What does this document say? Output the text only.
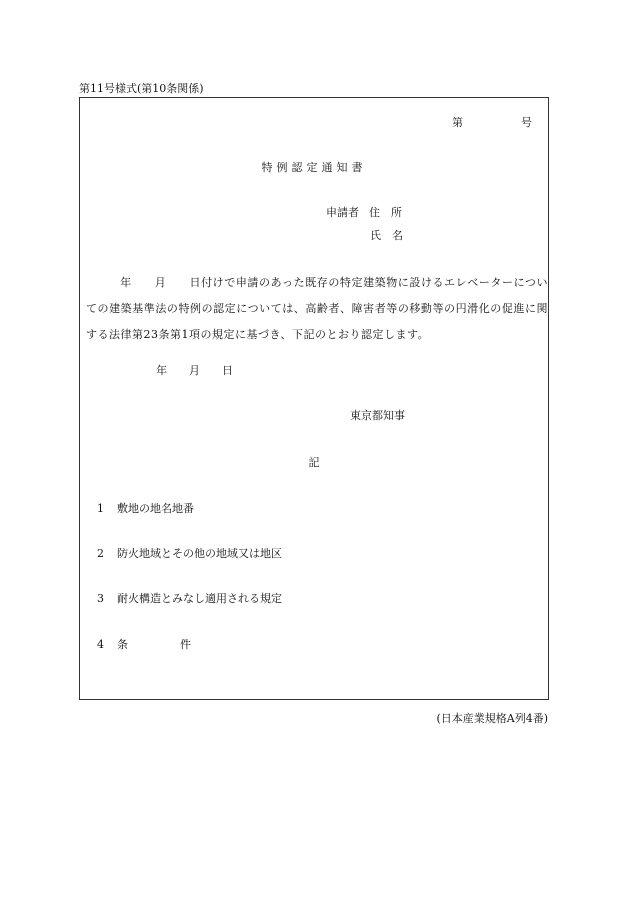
第11号様式(第10条関係)
第	号
特例認定通知書
申請者 住　所
氏　名
年　　月　　日付けで申請のあった既存の特定建築物に設けるエレベーターについての建築基準法の特例の認定については、高齢者、障害者等の移動等の円滑化の促進に関する法律第23条第1項の規定に基づき、下記のとおり認定します。
年 月 日
東京都知事
記
1 敷地の地名地番
2 防火地域とその他の地域又は地区
3 耐火構造とみなし適用される規定
4 条	件
(日本産業規格A列4番)
